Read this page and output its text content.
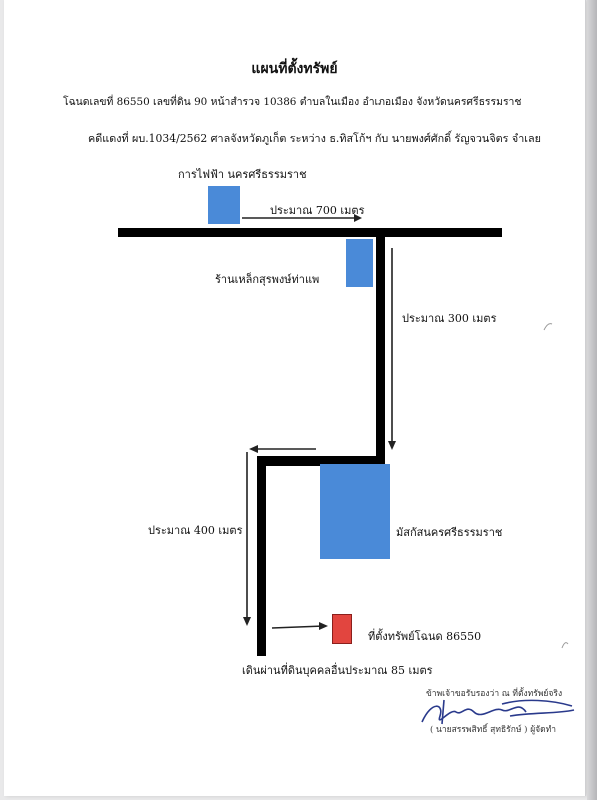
แผนที่ตั้งทรัพย์
โฉนดเลขที่ 86550 เลขที่ดิน 90 หน้าสำรวจ 10386 ตำบลในเมือง อำเภอเมือง จังหวัดนครศรีธรรมราช
คดีแดงที่ ผบ.1034/2562 ศาลจังหวัดภูเก็ต ระหว่าง ธ.ทิสโก้ฯ กับ นายพงศ์ศักดิ์ รัญจวนจิตร จำเลย
การไฟฟ้า นครศรีธรรมราช
ประมาณ 700 เมตร
ร้านเหล็กสุรพงษ์ท่าแพ
ประมาณ 300 เมตร
มัสกัสนครศรีธรรมราช
ประมาณ 400 เมตร
ที่ตั้งทรัพย์โฉนด 86550
เดินผ่านที่ดินบุคคลอื่นประมาณ 85 เมตร
ข้าพเจ้าขอรับรองว่า ณ ที่ตั้งทรัพย์จริง
( นายสรรพสิทธิ์ สุทธิรักษ์ ) ผู้จัดทำ
